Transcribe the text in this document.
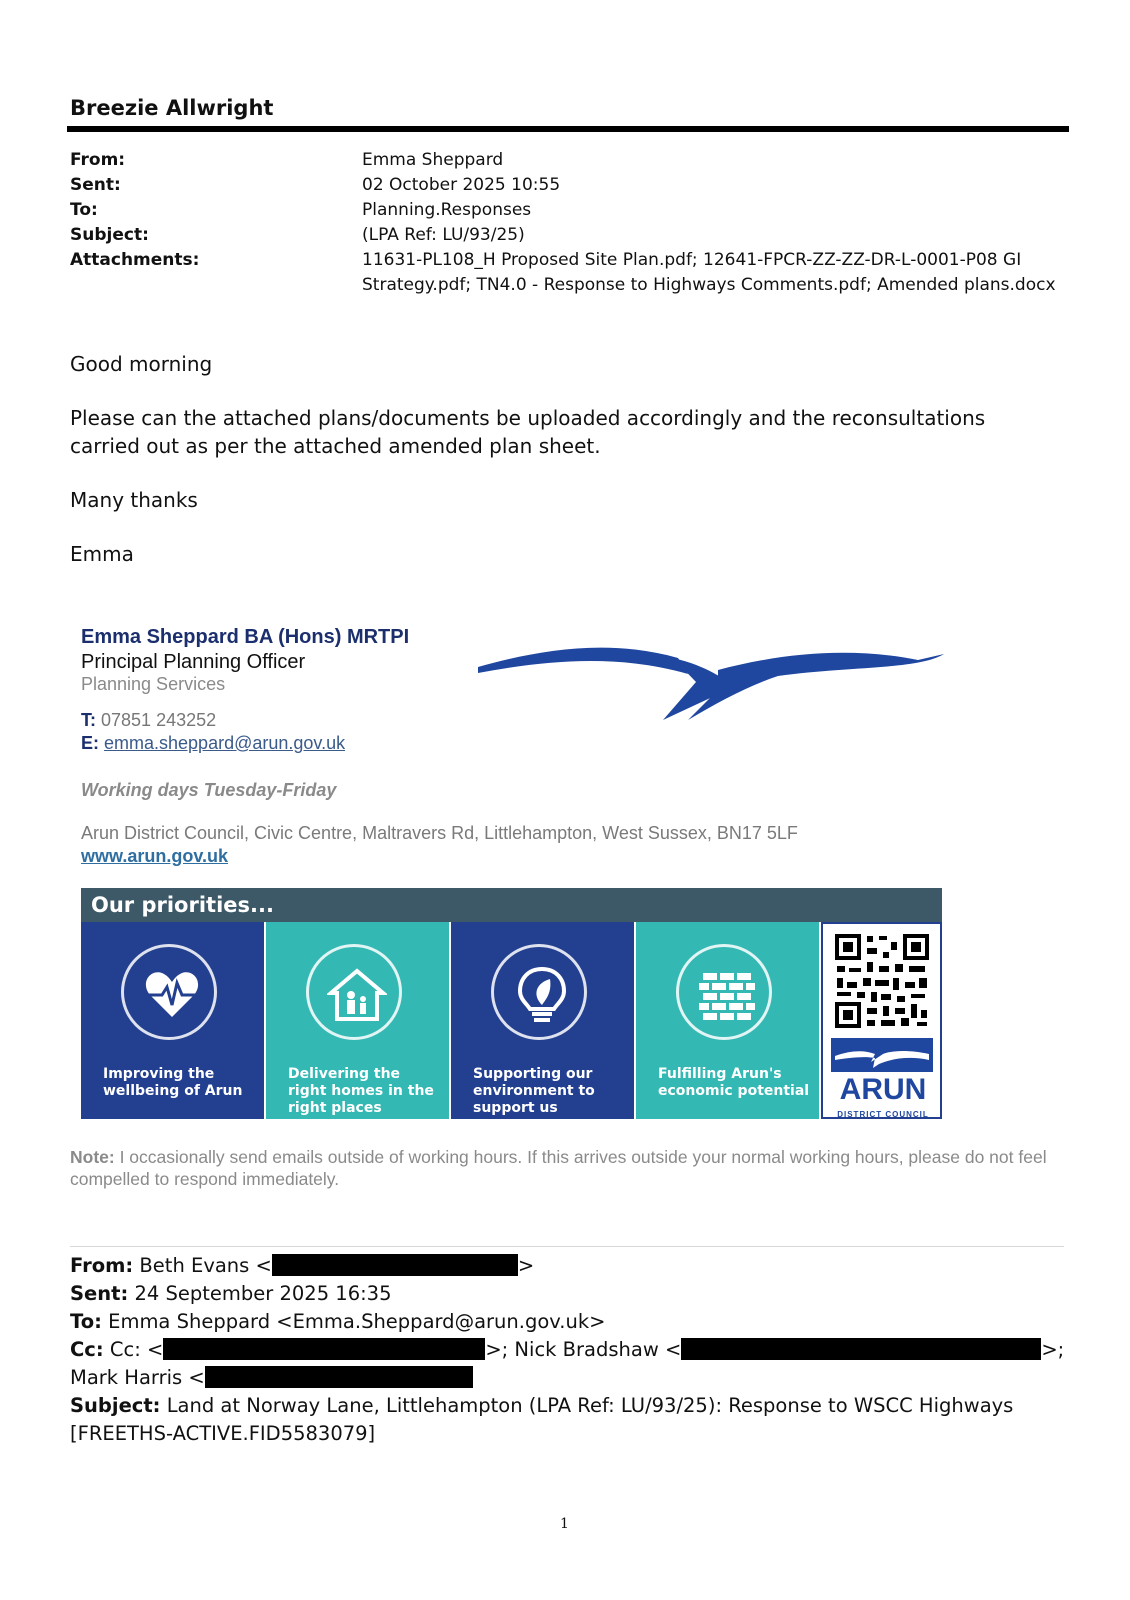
Breezie Allwright
From:	Emma Sheppard
Sent:	02 October 2025 10:55
To:	Planning.Responses
Subject:	(LPA Ref: LU/93/25)
Attachments:	11631-PL108_H Proposed Site Plan.pdf; 12641-FPCR-ZZ-ZZ-DR-L-0001-P08 GI
Strategy.pdf; TN4.0 - Response to Highways Comments.pdf; Amended plans.docx
Good morning
Please can the attached plans/documents be uploaded accordingly and the reconsultations carried out as per the attached amended plan sheet.
Many thanks
Emma
Emma Sheppard BA (Hons) MRTPI
Principal Planning Officer
Planning Services
T: 07851 243252
E: emma.sheppard@arun.gov.uk
Working days Tuesday-Friday
Arun District Council, Civic Centre, Maltravers Rd, Littlehampton, West Sussex, BN17 5LF
www.arun.gov.uk
Our priorities...
Improving the wellbeing of Arun
Delivering the right homes in the right places
Supporting our environment to support us
Fulfilling Arun's economic potential	ARUN
DISTRICT COUNCIL
Note: I occasionally send emails outside of working hours. If this arrives outside your normal working hours, please do not feel compelled to respond immediately.
From: Beth Evans <	>
Sent: 24 September 2025 16:35
To: Emma Sheppard <Emma.Sheppard@arun.gov.uk>
Cc: Cc: <	>; Nick Bradshaw <	>;
Mark Harris <
Subject: Land at Norway Lane, Littlehampton (LPA Ref: LU/93/25): Response to WSCC Highways [FREETHS-ACTIVE.FID5583079]
1
